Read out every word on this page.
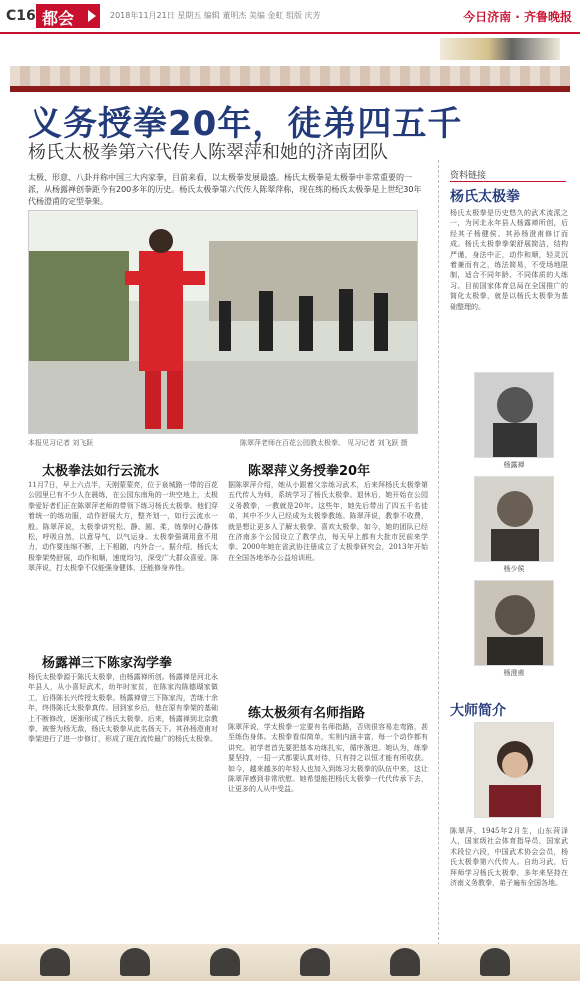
C16 都会	2018年11月21日 星期五 编辑 董明杰 美编 金虹 组版 庆芳	今日济南 · 齐鲁晚报
义务授拳20年，徒弟四五千
杨氏太极拳第六代传人陈翠萍和她的济南团队

太极、形意、八卦并称中国三大内家拳，目前来看，以太极拳发展最盛。杨氏太极拳是太极拳中非常重要的一派，从杨露禅创拳距今有200多年的历史。杨氏太极拳第六代传人陈翠萍称，现在练的杨氏太极拳是上世纪30年代杨澄甫的定型拳架。

本报见习记者 刘飞跃	陈翠萍老师在百花公园教太极拳。 见习记者 刘飞跃 摄
太极拳法如行云流水

11月7日，早上六点半，天刚蒙蒙亮，位于泉城路一带的百花公园里已有不少人在晨练，在公园东南角的一块空地上，太极拳爱好者们正在陈翠萍老师的带领下练习杨氏太极拳。他们穿着统一的练功服，动作舒展大方，整齐划一，如行云流水一般。陈翠萍说，太极拳讲究松、静、圆、柔，练拳时心静体松，呼吸自然，以意导气，以气运身。太极拳强调用意不用力，动作要连绵不断，上下相随，内外合一。据介绍，杨氏太极拳架势舒展，动作和顺，速度均匀，深受广大群众喜爱。陈翠萍说，打太极拳不仅能强身健体，还能修身养性。

杨露禅三下陈家沟学拳

杨氏太极拳源于陈氏太极拳，由杨露禅所创。杨露禅是河北永年县人，从小喜好武术，幼年时家贫，在陈家沟陈德瑚家做工，后得陈长兴传授太极拳。杨露禅曾三下陈家沟，苦练十余年，终得陈氏太极拳真传。回到家乡后，他在原有拳架的基础上不断修改，逐渐形成了杨氏太极拳。后来，杨露禅到北京教拳，被誉为杨无敌，杨氏太极拳从此名扬天下。其孙杨澄甫对拳架进行了进一步修订，形成了现在流传最广的杨氏太极拳。

陈翠萍义务授拳20年

据陈翠萍介绍，她从小跟着父亲练习武术，后来拜杨氏太极拳第五代传人为师，系统学习了杨氏太极拳。退休后，她开始在公园义务教拳，一教就是20年。这些年，她先后带出了四五千名徒弟，其中不少人已经成为太极拳教练。陈翠萍说，教拳不收费，就是想让更多人了解太极拳、喜欢太极拳。如今，她的团队已经在济南多个公园设立了教学点，每天早上都有大批市民前来学拳。2000年她在省武协注册成立了太极拳研究会，2013年开始在全国各地举办公益培训班。

练太极须有名师指路

陈翠萍说，学太极拳一定要有名师指路，否则很容易走弯路，甚至练伤身体。太极拳看似简单，实则内涵丰富，每一个动作都有讲究。初学者首先要把基本功练扎实，循序渐进。她认为，练拳要坚持，一招一式都要认真对待，只有持之以恒才能有所收获。如今，越来越多的年轻人也加入到练习太极拳的队伍中来，这让陈翠萍感到非常欣慰。她希望能把杨氏太极拳一代代传承下去，让更多的人从中受益。

资料链接
杨氏太极拳

杨氏太极拳是历史悠久的武术流派之一，为河北永年县人杨露禅所创，后经其子杨健侯、其孙杨澄甫修订而成。杨氏太极拳拳架舒展简洁，结构严谨，身法中正，动作和顺，轻灵沉着兼而有之，练法简易，不受场地限制，适合不同年龄、不同体质的人练习。目前国家体育总局在全国推广的简化太极拳，就是以杨氏太极拳为基础整理的。

杨露禅
杨少侯
杨澄甫
大师简介

陈翠萍，1945年2月生，山东菏泽人，国家级社会体育指导员，国家武术段位六段，中国武术协会会员，杨氏太极拳第六代传人。自幼习武，后拜师学习杨氏太极拳，多年来坚持在济南义务教拳，弟子遍布全国各地。
